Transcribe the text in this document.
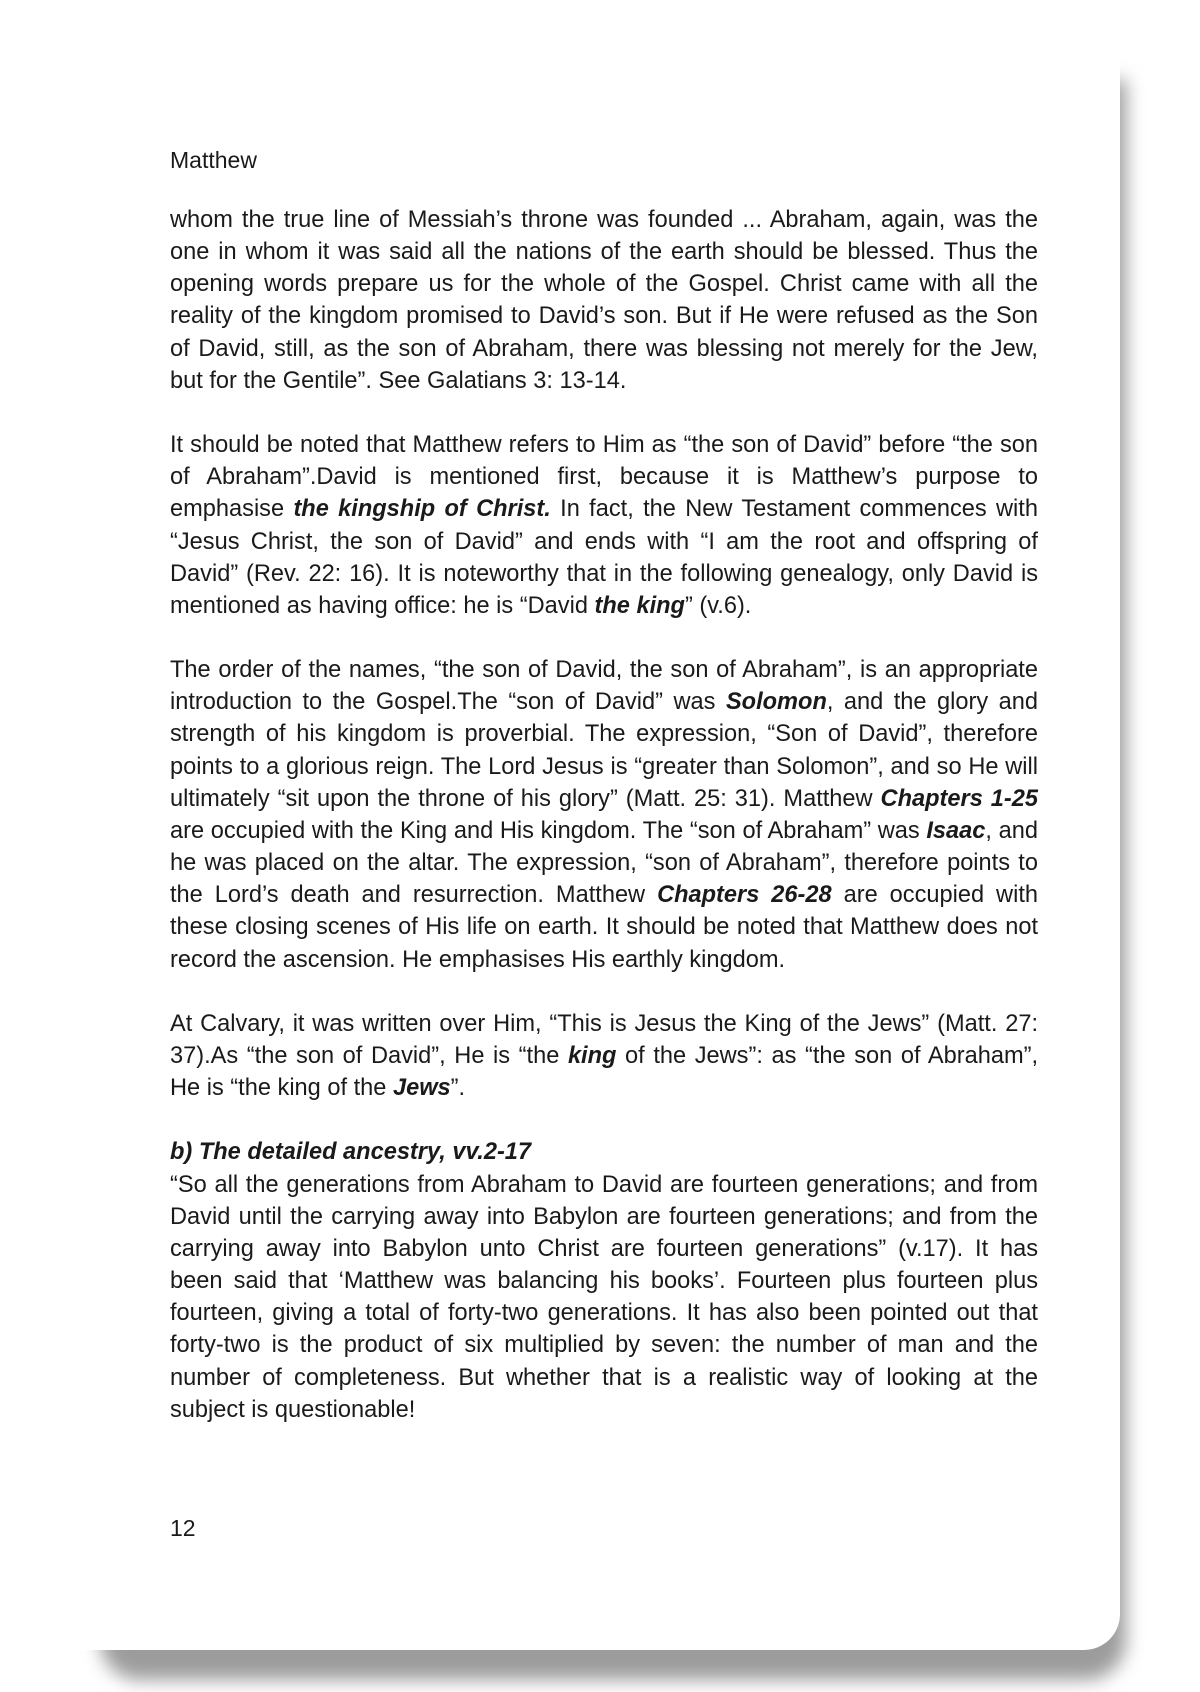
Matthew

whom the true line of Messiah’s throne was founded ... Abraham, again, was the one in whom it was said all the nations of the earth should be blessed. Thus the opening words prepare us for the whole of the Gospel. Christ came with all the reality of the kingdom promised to David’s son. But if He were refused as the Son of David, still, as the son of Abraham, there was blessing not merely for the Jew, but for the Gentile”. See Galatians 3: 13-14.

It should be noted that Matthew refers to Him as “the son of David” before “the son of Abraham”.David is mentioned first, because it is Matthew’s purpose to emphasise the kingship of Christ. In fact, the New Testament commences with “Jesus Christ, the son of David” and ends with “I am the root and offspring of David” (Rev. 22: 16). It is noteworthy that in the following genealogy, only David is mentioned as having office: he is “David the king” (v.6).

The order of the names, “the son of David, the son of Abraham”, is an appropriate introduction to the Gospel.The “son of David” was Solomon, and the glory and strength of his kingdom is proverbial. The expression, “Son of David”, therefore points to a glorious reign. The Lord Jesus is “greater than Solomon”, and so He will ultimately “sit upon the throne of his glory” (Matt. 25: 31). Matthew Chapters 1-25 are occupied with the King and His kingdom. The “son of Abraham” was Isaac, and he was placed on the altar. The expression, “son of Abraham”, therefore points to the Lord’s death and resurrection. Matthew Chapters 26-28 are occupied with these closing scenes of His life on earth. It should be noted that Matthew does not record the ascension. He emphasises His earthly kingdom.

At Calvary, it was written over Him, “This is Jesus the King of the Jews” (Matt. 27: 37).As “the son of David”, He is “the king of the Jews”: as “the son of Abraham”, He is “the king of the Jews”.

b) The detailed ancestry, vv.2-17

“So all the generations from Abraham to David are fourteen generations; and from David until the carrying away into Babylon are fourteen generations; and from the carrying away into Babylon unto Christ are fourteen generations” (v.17). It has been said that ‘Matthew was balancing his books’. Fourteen plus fourteen plus fourteen, giving a total of forty-two generations. It has also been pointed out that forty-two is the product of six multiplied by seven: the number of man and the number of completeness. But whether that is a realistic way of looking at the subject is questionable!

12
